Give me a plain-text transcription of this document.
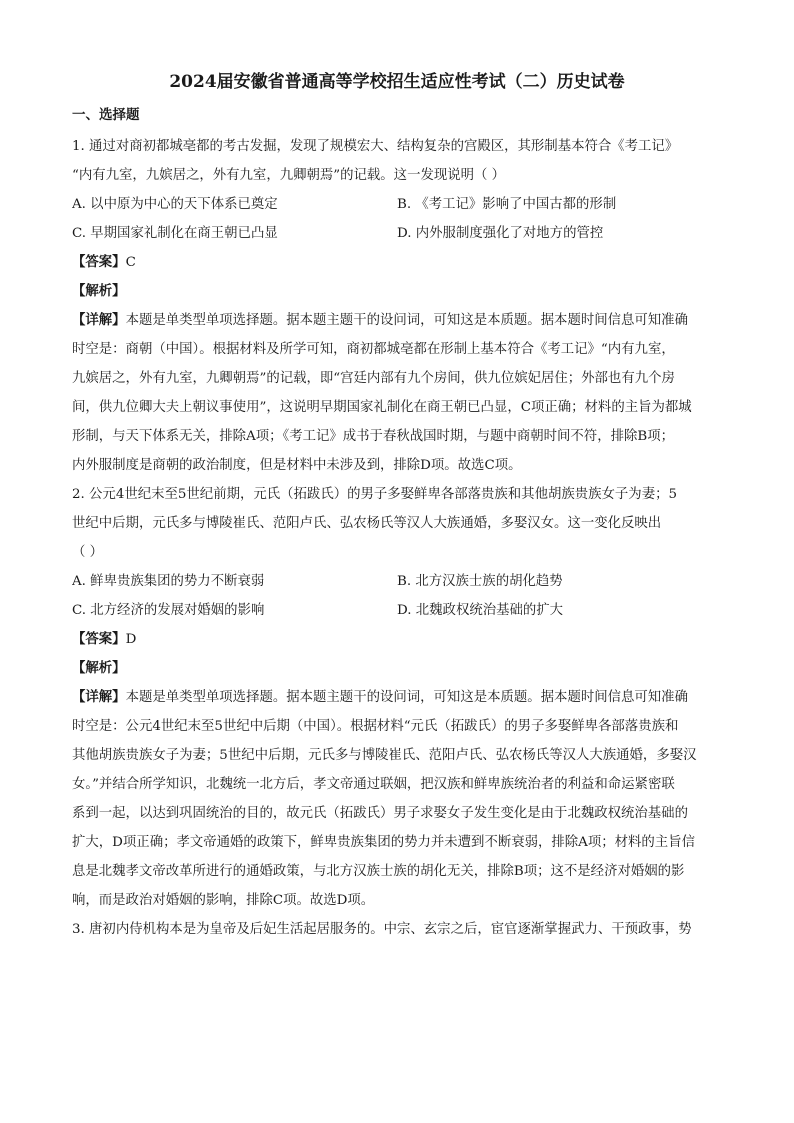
2024届安徽省普通高等学校招生适应性考试（二）历史试卷
一、选择题

1. 通过对商初都城亳都的考古发掘，发现了规模宏大、结构复杂的宫殿区，其形制基本符合《考工记》

“内有九室，九嫔居之，外有九室，九卿朝焉”的记载。这一发现说明（ ）

A. 以中原为中心的天下体系已奠定	B. 《考工记》影响了中国古都的形制
C. 早期国家礼制化在商王朝已凸显	D. 内外服制度强化了对地方的管控

【答案】C

【解析】

【详解】本题是单类型单项选择题。据本题主题干的设问词，可知这是本质题。据本题时间信息可知准确

时空是：商朝（中国）。根据材料及所学可知，商初都城亳都在形制上基本符合《考工记》“内有九室，

九嫔居之，外有九室，九卿朝焉”的记载，即“宫廷内部有九个房间，供九位嫔妃居住；外部也有九个房

间，供九位卿大夫上朝议事使用”，这说明早期国家礼制化在商王朝已凸显，C项正确；材料的主旨为都城

形制，与天下体系无关，排除A项；《考工记》成书于春秋战国时期，与题中商朝时间不符，排除B项；

内外服制度是商朝的政治制度，但是材料中未涉及到，排除D项。故选C项。

2. 公元4世纪末至5世纪前期，元氏（拓跋氏）的男子多娶鲜卑各部落贵族和其他胡族贵族女子为妻；5

世纪中后期，元氏多与博陵崔氏、范阳卢氏、弘农杨氏等汉人大族通婚，多娶汉女。这一变化反映出

（ ）

A. 鲜卑贵族集团的势力不断衰弱	B. 北方汉族士族的胡化趋势
C. 北方经济的发展对婚姻的影响	D. 北魏政权统治基础的扩大

【答案】D

【解析】

【详解】本题是单类型单项选择题。据本题主题干的设问词，可知这是本质题。据本题时间信息可知准确

时空是：公元4世纪末至5世纪中后期（中国）。根据材料“元氏（拓跋氏）的男子多娶鲜卑各部落贵族和

其他胡族贵族女子为妻；5世纪中后期，元氏多与博陵崔氏、范阳卢氏、弘农杨氏等汉人大族通婚，多娶汉

女。”并结合所学知识，北魏统一北方后，孝文帝通过联姻，把汉族和鲜卑族统治者的利益和命运紧密联

系到一起，以达到巩固统治的目的，故元氏（拓跋氏）男子求娶女子发生变化是由于北魏政权统治基础的

扩大，D项正确；孝文帝通婚的政策下，鲜卑贵族集团的势力并未遭到不断衰弱，排除A项；材料的主旨信

息是北魏孝文帝改革所进行的通婚政策，与北方汉族士族的胡化无关，排除B项；这不是经济对婚姻的影

响，而是政治对婚姻的影响，排除C项。故选D项。

3. 唐初内侍机构本是为皇帝及后妃生活起居服务的。中宗、玄宗之后，宦官逐渐掌握武力、干预政事，势
